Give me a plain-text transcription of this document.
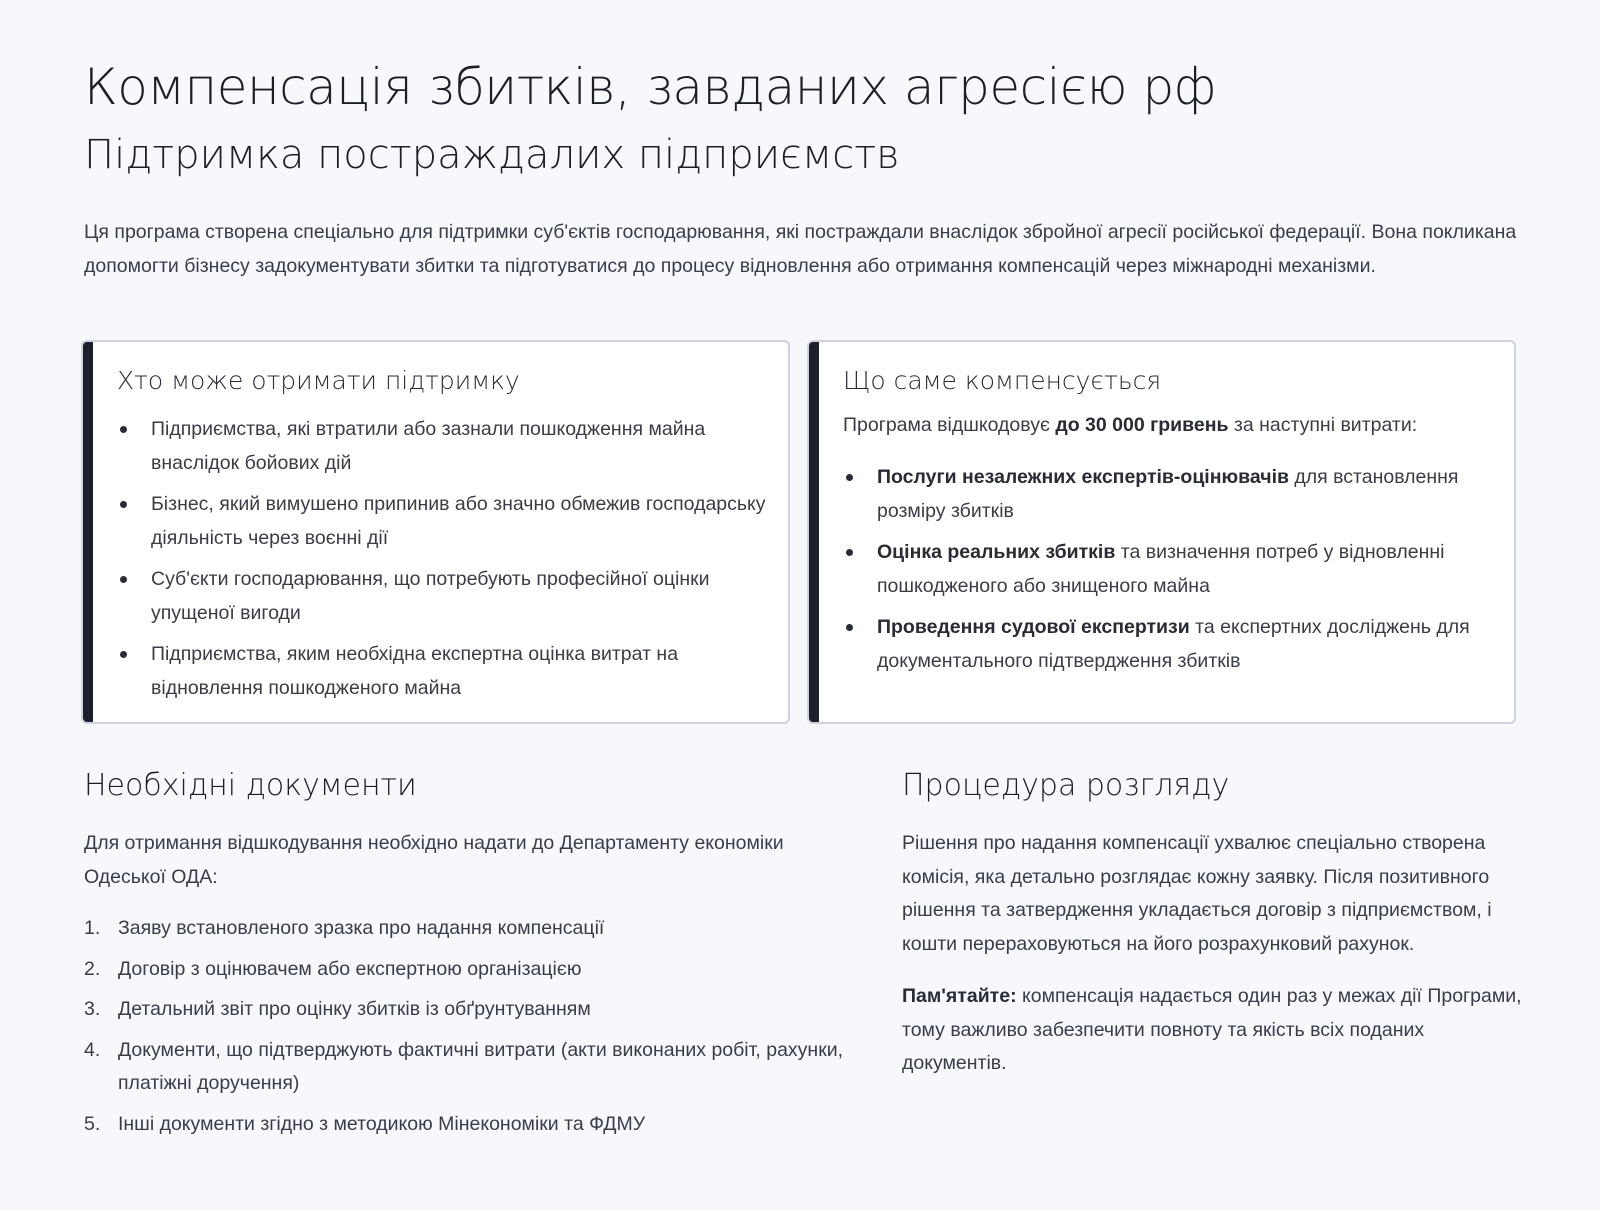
Компенсація збитків, завданих агресією рф
Підтримка постраждалих підприємств

Ця програма створена спеціально для підтримки суб'єктів господарювання, які постраждали внаслідок збройної агресії російської федерації. Вона покликана допомогти бізнесу задокументувати збитки та підготуватися до процесу відновлення або отримання компенсацій через міжнародні механізми.

Хто може отримати підтримку
Підприємства, які втратили або зазнали пошкодження майна внаслідок бойових дій
Бізнес, який вимушено припинив або значно обмежив господарську діяльність через воєнні дії
Суб'єкти господарювання, що потребують професійної оцінки упущеної вигоди
Підприємства, яким необхідна експертна оцінка витрат на відновлення пошкодженого майна
Що саме компенсується
Програма відшкодовує до 30 000 гривень за наступні витрати:
Послуги незалежних експертів-оцінювачів для встановлення розміру збитків
Оцінка реальних збитків та визначення потреб у відновленні пошкодженого або знищеного майна
Проведення судової експертизи та експертних досліджень для документального підтвердження збитків
Необхідні документи

Для отримання відшкодування необхідно надати до Департаменту економіки Одеської ОДА:

1. Заяву встановленого зразка про надання компенсації
2. Договір з оцінювачем або експертною організацією
3. Детальний звіт про оцінку збитків із обґрунтуванням
4. Документи, що підтверджують фактичні витрати (акти виконаних робіт, рахунки, платіжні доручення)
5. Інші документи згідно з методикою Мінекономіки та ФДМУ
Процедура розгляду

Рішення про надання компенсації ухвалює спеціально створена комісія, яка детально розглядає кожну заявку. Після позитивного рішення та затвердження укладається договір з підприємством, і кошти перераховуються на його розрахунковий рахунок.

Пам'ятайте: компенсація надається один раз у межах дії Програми, тому важливо забезпечити повноту та якість всіх поданих документів.
